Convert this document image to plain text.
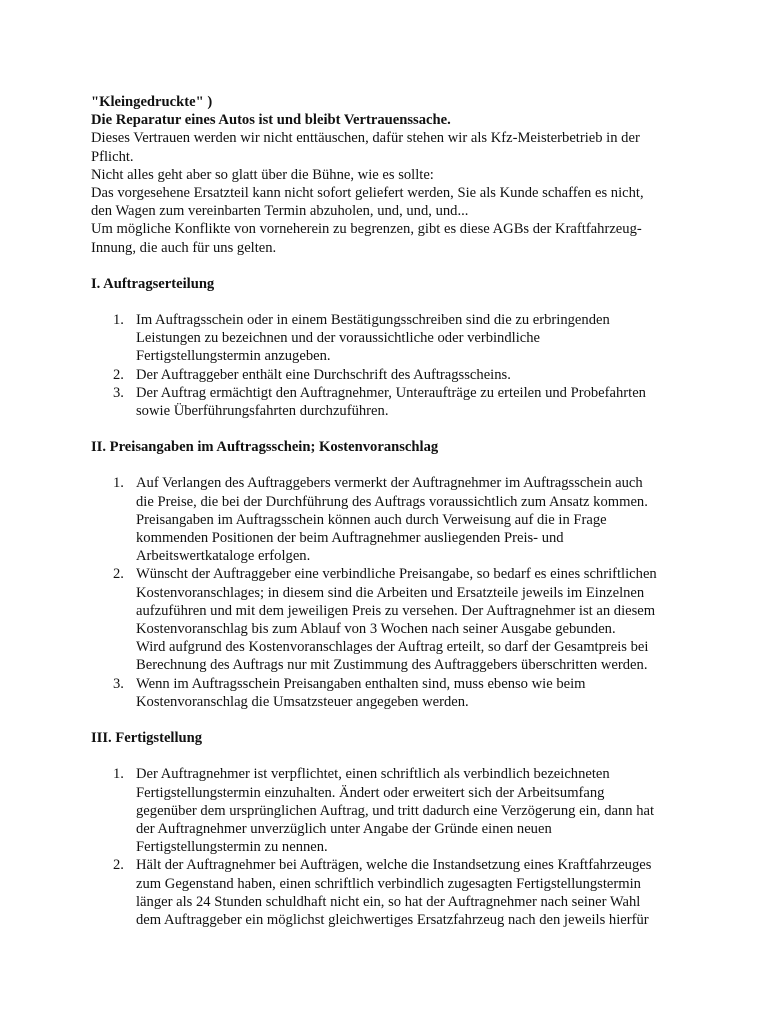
"Kleingedruckte" )

Die Reparatur eines Autos ist und bleibt Vertrauenssache.

Dieses Vertrauen werden wir nicht enttäuschen, dafür stehen wir als Kfz-Meisterbetrieb in der

Pflicht.

Nicht alles geht aber so glatt über die Bühne, wie es sollte:

Das vorgesehene Ersatzteil kann nicht sofort geliefert werden, Sie als Kunde schaffen es nicht,

den Wagen zum vereinbarten Termin abzuholen, und, und, und...

Um mögliche Konflikte von vorneherein zu begrenzen, gibt es diese AGBs der Kraftfahrzeug-

Innung, die auch für uns gelten.

I. Auftragserteilung
1. Im Auftragsschein oder in einem Bestätigungsschreiben sind die zu erbringenden
Leistungen zu bezeichnen und der voraussichtliche oder verbindliche
Fertigstellungstermin anzugeben.
2. Der Auftraggeber enthält eine Durchschrift des Auftragsscheins.
3. Der Auftrag ermächtigt den Auftragnehmer, Unteraufträge zu erteilen und Probefahrten
sowie Überführungsfahrten durchzuführen.
II. Preisangaben im Auftragsschein; Kostenvoranschlag
1. Auf Verlangen des Auftraggebers vermerkt der Auftragnehmer im Auftragsschein auch
die Preise, die bei der Durchführung des Auftrags voraussichtlich zum Ansatz kommen.
Preisangaben im Auftragsschein können auch durch Verweisung auf die in Frage
kommenden Positionen der beim Auftragnehmer ausliegenden Preis- und
Arbeitswertkataloge erfolgen.
2. Wünscht der Auftraggeber eine verbindliche Preisangabe, so bedarf es eines schriftlichen
Kostenvoranschlages; in diesem sind die Arbeiten und Ersatzteile jeweils im Einzelnen
aufzuführen und mit dem jeweiligen Preis zu versehen. Der Auftragnehmer ist an diesem
Kostenvoranschlag bis zum Ablauf von 3 Wochen nach seiner Ausgabe gebunden.
Wird aufgrund des Kostenvoranschlages der Auftrag erteilt, so darf der Gesamtpreis bei
Berechnung des Auftrags nur mit Zustimmung des Auftraggebers überschritten werden.
3. Wenn im Auftragsschein Preisangaben enthalten sind, muss ebenso wie beim
Kostenvoranschlag die Umsatzsteuer angegeben werden.
III. Fertigstellung
1. Der Auftragnehmer ist verpflichtet, einen schriftlich als verbindlich bezeichneten
Fertigstellungstermin einzuhalten. Ändert oder erweitert sich der Arbeitsumfang
gegenüber dem ursprünglichen Auftrag, und tritt dadurch eine Verzögerung ein, dann hat
der Auftragnehmer unverzüglich unter Angabe der Gründe einen neuen
Fertigstellungstermin zu nennen.
2. Hält der Auftragnehmer bei Aufträgen, welche die Instandsetzung eines Kraftfahrzeuges
zum Gegenstand haben, einen schriftlich verbindlich zugesagten Fertigstellungstermin
länger als 24 Stunden schuldhaft nicht ein, so hat der Auftragnehmer nach seiner Wahl
dem Auftraggeber ein möglichst gleichwertiges Ersatzfahrzeug nach den jeweils hierfür
